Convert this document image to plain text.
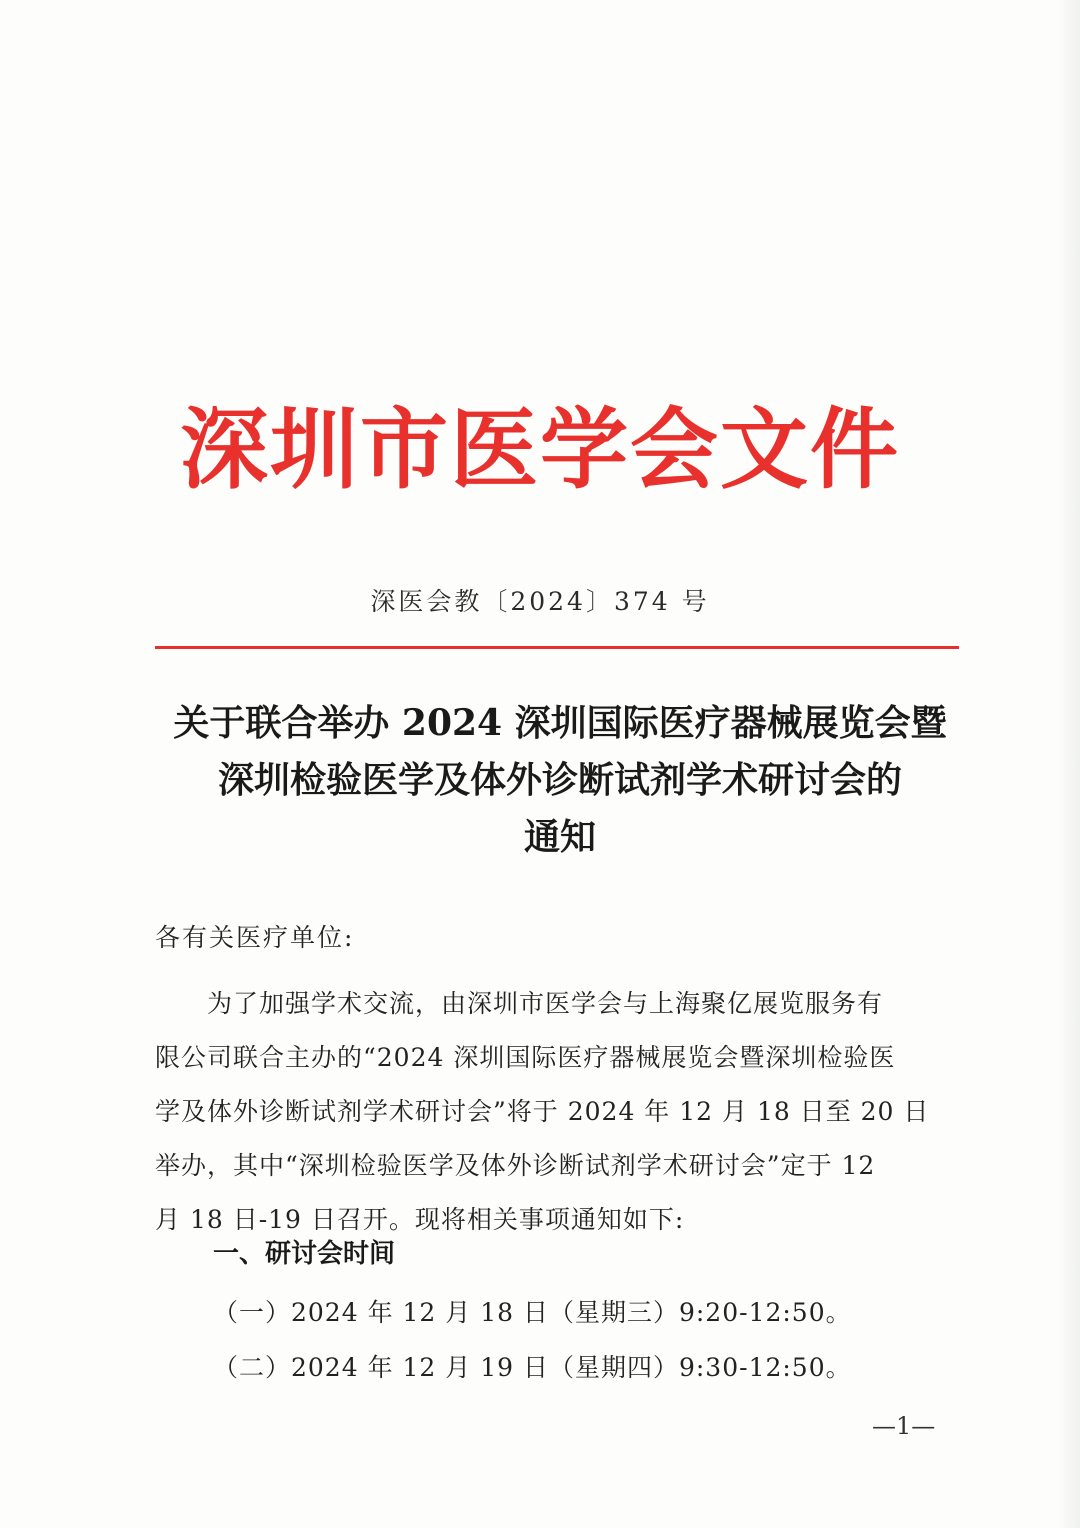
深圳市医学会文件
深医会教〔2024〕374 号
关于联合举办 2024 深圳国际医疗器械展览会暨
深圳检验医学及体外诊断试剂学术研讨会的
通知
各有关医疗单位:
　　为了加强学术交流，由深圳市医学会与上海聚亿展览服务有
限公司联合主办的“2024 深圳国际医疗器械展览会暨深圳检验医
学及体外诊断试剂学术研讨会”将于 2024 年 12 月 18 日至 20 日
举办，其中“深圳检验医学及体外诊断试剂学术研讨会”定于 12
月 18 日-19 日召开。现将相关事项通知如下:
一、研讨会时间
（一）2024 年 12 月 18 日（星期三）9:20-12:50。
（二）2024 年 12 月 19 日（星期四）9:30-12:50。
—1—
